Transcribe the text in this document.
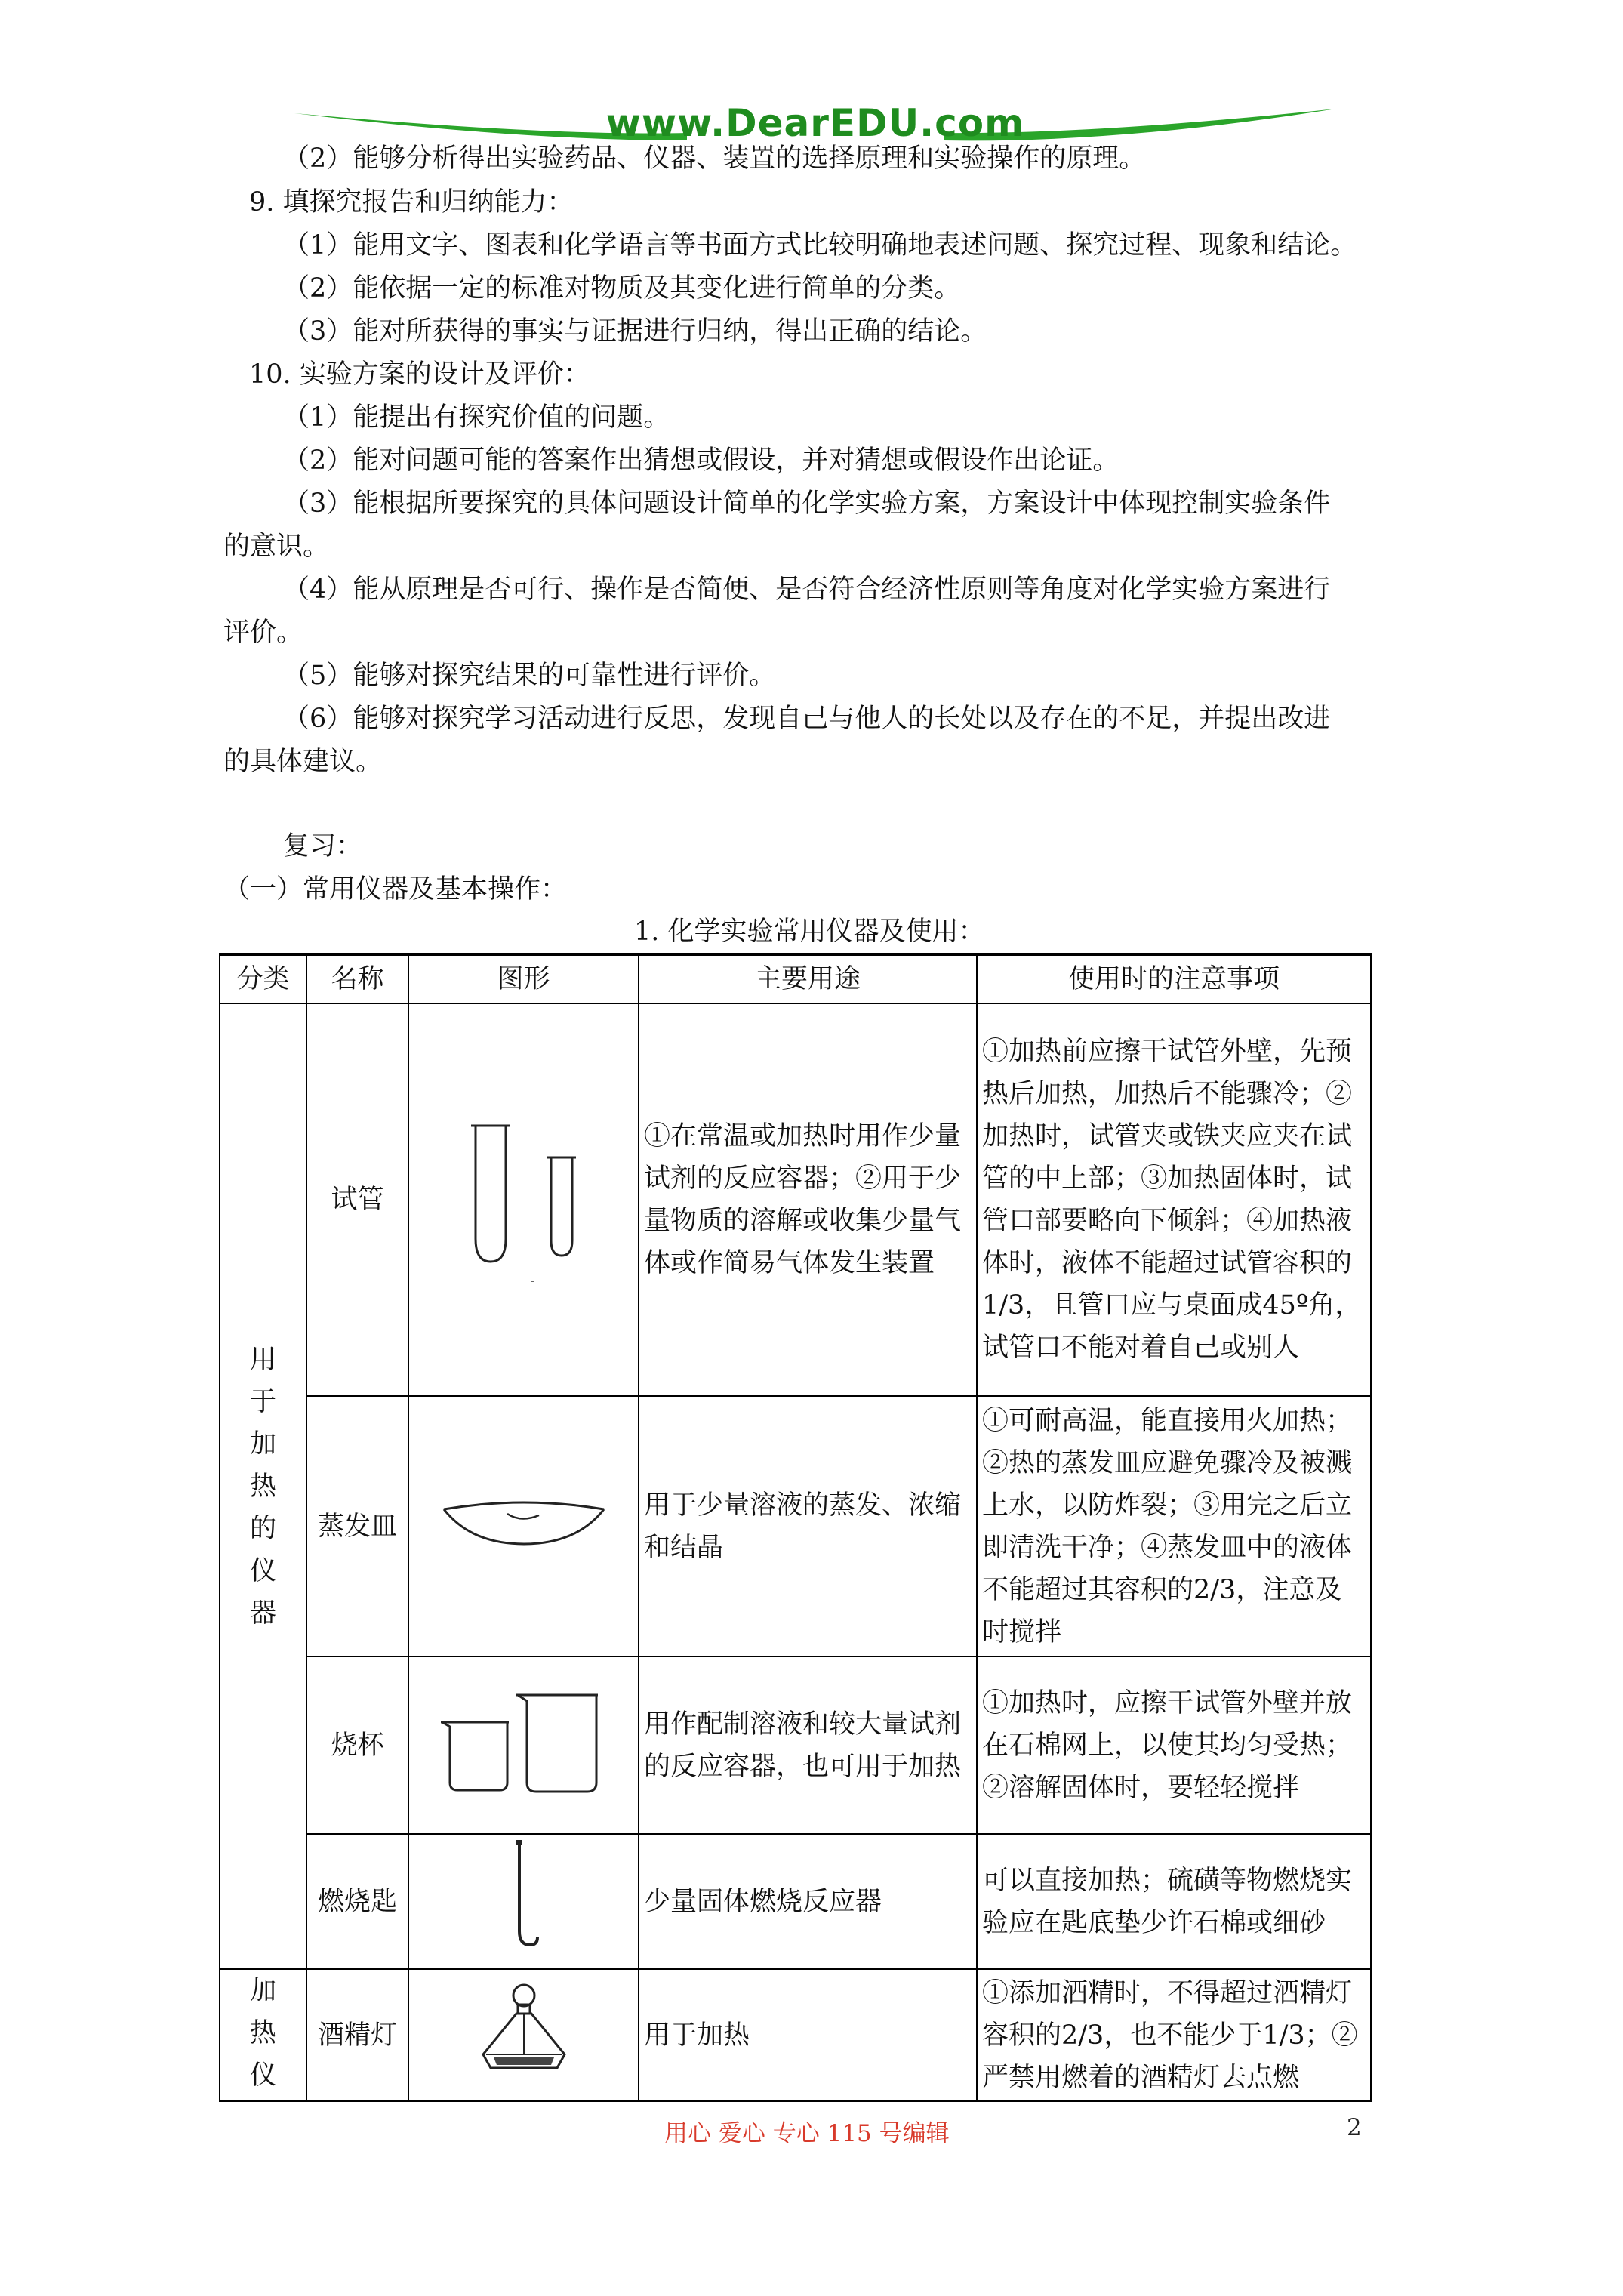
www.DearEDU.com
（2）能够分析得出实验药品、仪器、装置的选择原理和实验操作的原理。
9. 填探究报告和归纳能力：
（1）能用文字、图表和化学语言等书面方式比较明确地表述问题、探究过程、现象和结论。
（2）能依据一定的标准对物质及其变化进行简单的分类。
（3）能对所获得的事实与证据进行归纳，得出正确的结论。
10. 实验方案的设计及评价：
（1）能提出有探究价值的问题。
（2）能对问题可能的答案作出猜想或假设，并对猜想或假设作出论证。
（3）能根据所要探究的具体问题设计简单的化学实验方案，方案设计中体现控制实验条件
的意识。
（4）能从原理是否可行、操作是否简便、是否符合经济性原则等角度对化学实验方案进行
评价。
（5）能够对探究结果的可靠性进行评价。
（6）能够对探究学习活动进行反思，发现自己与他人的长处以及存在的不足，并提出改进
的具体建议。
复习：
（一）常用仪器及基本操作：
1. 化学实验常用仪器及使用：
分类	名称	图形	主要用途	使用时的注意事项
用于加热的仪器	试管		①在常温或加热时用作少量试剂的反应容器；②用于少量物质的溶解或收集少量气体或作简易气体发生装置	①加热前应擦干试管外壁，先预热后加热，加热后不能骤冷；②加热时，试管夹或铁夹应夹在试管的中上部；③加热固体时，试管口部要略向下倾斜；④加热液体时，液体不能超过试管容积的1/3，且管口应与桌面成45º角，试管口不能对着自己或别人
	蒸发皿		用于少量溶液的蒸发、浓缩和结晶	①可耐高温，能直接用火加热；②热的蒸发皿应避免骤冷及被溅上水，以防炸裂；③用完之后立即清洗干净；④蒸发皿中的液体不能超过其容积的2/3，注意及时搅拌
	烧杯		用作配制溶液和较大量试剂的反应容器，也可用于加热	①加热时，应擦干试管外壁并放在石棉网上，以使其均匀受热；②溶解固体时，要轻轻搅拌
	燃烧匙		少量固体燃烧反应器	可以直接加热；硫磺等物燃烧实验应在匙底垫少许石棉或细砂
加热仪	酒精灯		用于加热	①添加酒精时，不得超过酒精灯容积的2/3，也不能少于1/3；②严禁用燃着的酒精灯去点燃
用心 爱心 专心 115 号编辑	2
